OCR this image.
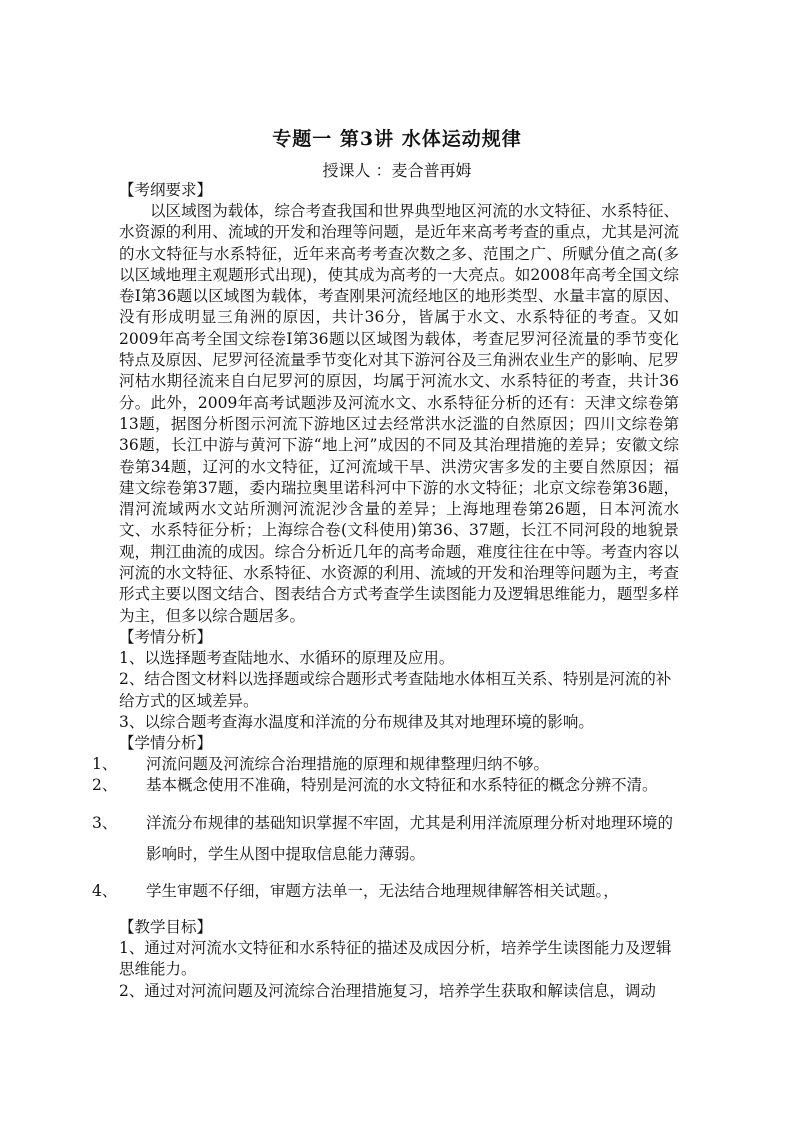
专题一 第3讲 水体运动规律
授课人 ：麦合普再姆

【考纲要求】

以区域图为载体，综合考查我国和世界典型地区河流的水文特征、水系特征、水资源的利用、流域的开发和治理等问题，是近年来高考考查的重点，尤其是河流的水文特征与水系特征，近年来高考考查次数之多、范围之广、所赋分值之高(多以区域地理主观题形式出现)，使其成为高考的一大亮点。如2008年高考全国文综卷Ⅰ第36题以区域图为载体，考查刚果河流经地区的地形类型、水量丰富的原因、没有形成明显三角洲的原因，共计36分，皆属于水文、水系特征的考查。又如2009年高考全国文综卷Ⅰ第36题以区域图为载体，考查尼罗河径流量的季节变化特点及原因、尼罗河径流量季节变化对其下游河谷及三角洲农业生产的影响、尼罗河枯水期径流来自白尼罗河的原因，均属于河流水文、水系特征的考查，共计36分。此外，2009年高考试题涉及河流水文、水系特征分析的还有：天津文综卷第13题，据图分析图示河流下游地区过去经常洪水泛滥的自然原因；四川文综卷第36题，长江中游与黄河下游“地上河”成因的不同及其治理措施的差异；安徽文综卷第34题，辽河的水文特征，辽河流域干旱、洪涝灾害多发的主要自然原因；福建文综卷第37题，委内瑞拉奥里诺科河中下游的水文特征；北京文综卷第36题，渭河流域两水文站所测河流泥沙含量的差异；上海地理卷第26题，日本河流水文、水系特征分析；上海综合卷(文科使用)第36、37题，长江不同河段的地貌景观，荆江曲流的成因。综合分析近几年的高考命题，难度往往在中等。考查内容以河流的水文特征、水系特征、水资源的利用、流域的开发和治理等问题为主，考查形式主要以图文结合、图表结合方式考查学生读图能力及逻辑思维能力，题型多样为主，但多以综合题居多。

【考情分析】

1、以选择题考查陆地水、水循环的原理及应用。

2、结合图文材料以选择题或综合题形式考查陆地水体相互关系、特别是河流的补给方式的区域差异。

3、以综合题考查海水温度和洋流的分布规律及其对地理环境的影响。

【学情分析】

1、 河流问题及河流综合治理措施的原理和规律整理归纳不够。

2、 基本概念使用不准确，特别是河流的水文特征和水系特征的概念分辨不清。

3、 洋流分布规律的基础知识掌握不牢固，尤其是利用洋流原理分析对地理环境的影响时，学生从图中提取信息能力薄弱。

4、 学生审题不仔细，审题方法单一，无法结合地理规律解答相关试题。，

【教学目标】

1、通过对河流水文特征和水系特征的描述及成因分析，培养学生读图能力及逻辑思维能力。

2、通过对河流问题及河流综合治理措施复习，培养学生获取和解读信息，调动
